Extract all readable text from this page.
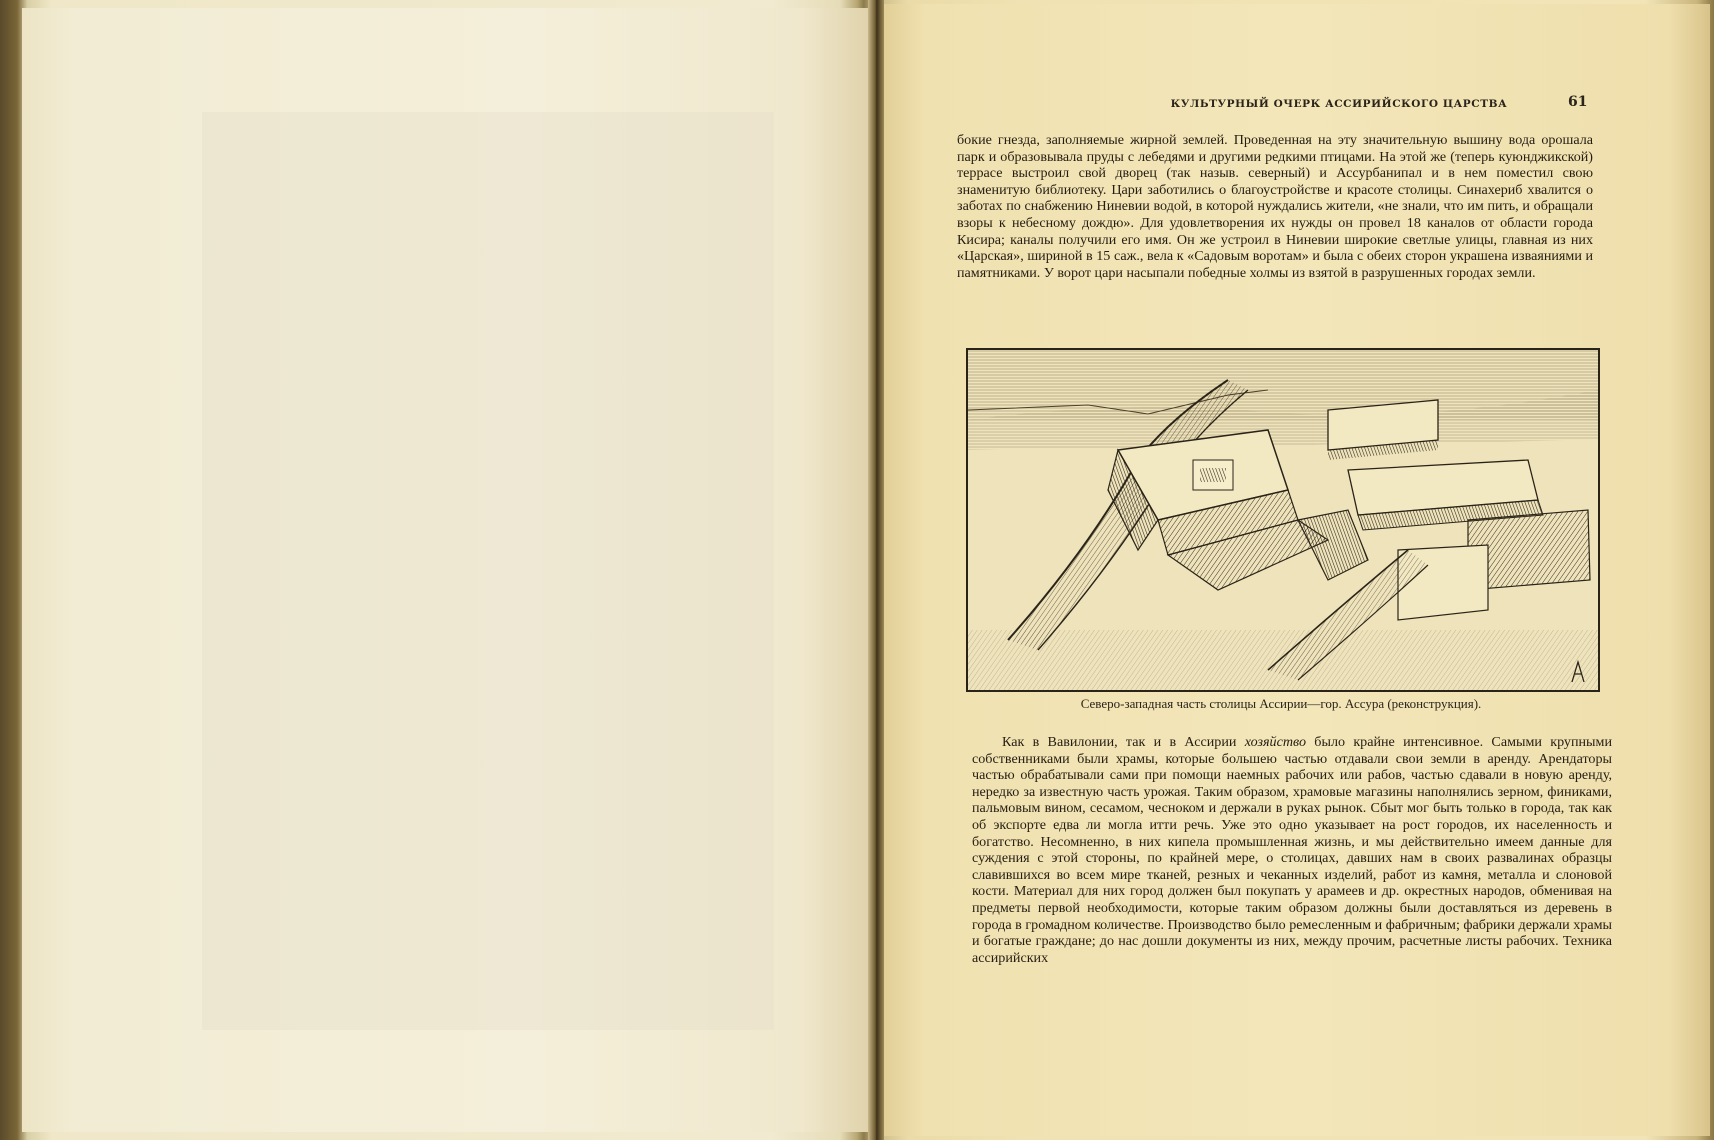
КУЛЬТУРНЫЙ ОЧЕРК АССИРИЙСКОГО ЦАРСТВА	61

бокие гнезда, заполняемые жирной землей. Проведенная на эту значительную вышину вода орошала парк и образовывала пруды с лебедями и другими редкими птицами. На этой же (теперь куюнджикской) террасе выстроил свой дворец (так назыв. северный) и Ассурбанипал и в нем поместил свою знаменитую библиотеку. Цари заботились о благоустройстве и красоте столицы. Синахериб хвалится о заботах по снабжению Ниневии водой, в которой нуждались жители, «не знали, что им пить, и обращали взоры к небесному дождю». Для удовлетворения их нужды он провел 18 каналов от области города Кисира; каналы получили его имя. Он же устроил в Ниневии широкие светлые улицы, главная из них «Царская», шириной в 15 саж., вела к «Садовым воротам» и была с обеих сторон украшена изваяниями и памятниками. У ворот цари насыпали победные холмы из взятой в разрушенных городах земли.

Северо-западная часть столицы Ассирии—гор. Ассура (реконструкция).

Как в Вавилонии, так и в Ассирии хозяйство было крайне интенсивное. Самыми крупными собственниками были храмы, которые большею частью отдавали свои земли в аренду. Арендаторы частью обрабатывали сами при помощи наемных рабочих или рабов, частью сдавали в новую аренду, нередко за известную часть урожая. Таким образом, храмовые магазины наполнялись зерном, финиками, пальмовым вином, сесамом, чесноком и держали в руках рынок. Сбыт мог быть только в города, так как об экспорте едва ли могла итти речь. Уже это одно указывает на рост городов, их населенность и богатство. Несомненно, в них кипела промышленная жизнь, и мы действительно имеем данные для суждения с этой стороны, по крайней мере, о столицах, давших нам в своих развалинах образцы славившихся во всем мире тканей, резных и чеканных изделий, работ из камня, металла и слоновой кости. Материал для них город должен был покупать у арамеев и др. окрестных народов, обменивая на предметы первой необходимости, которые таким образом должны были доставляться из деревень в города в громадном количестве. Производство было ремесленным и фабричным; фабрики держали храмы и богатые граждане; до нас дошли документы из них, между прочим, расчетные листы рабочих. Техника ассирийских
